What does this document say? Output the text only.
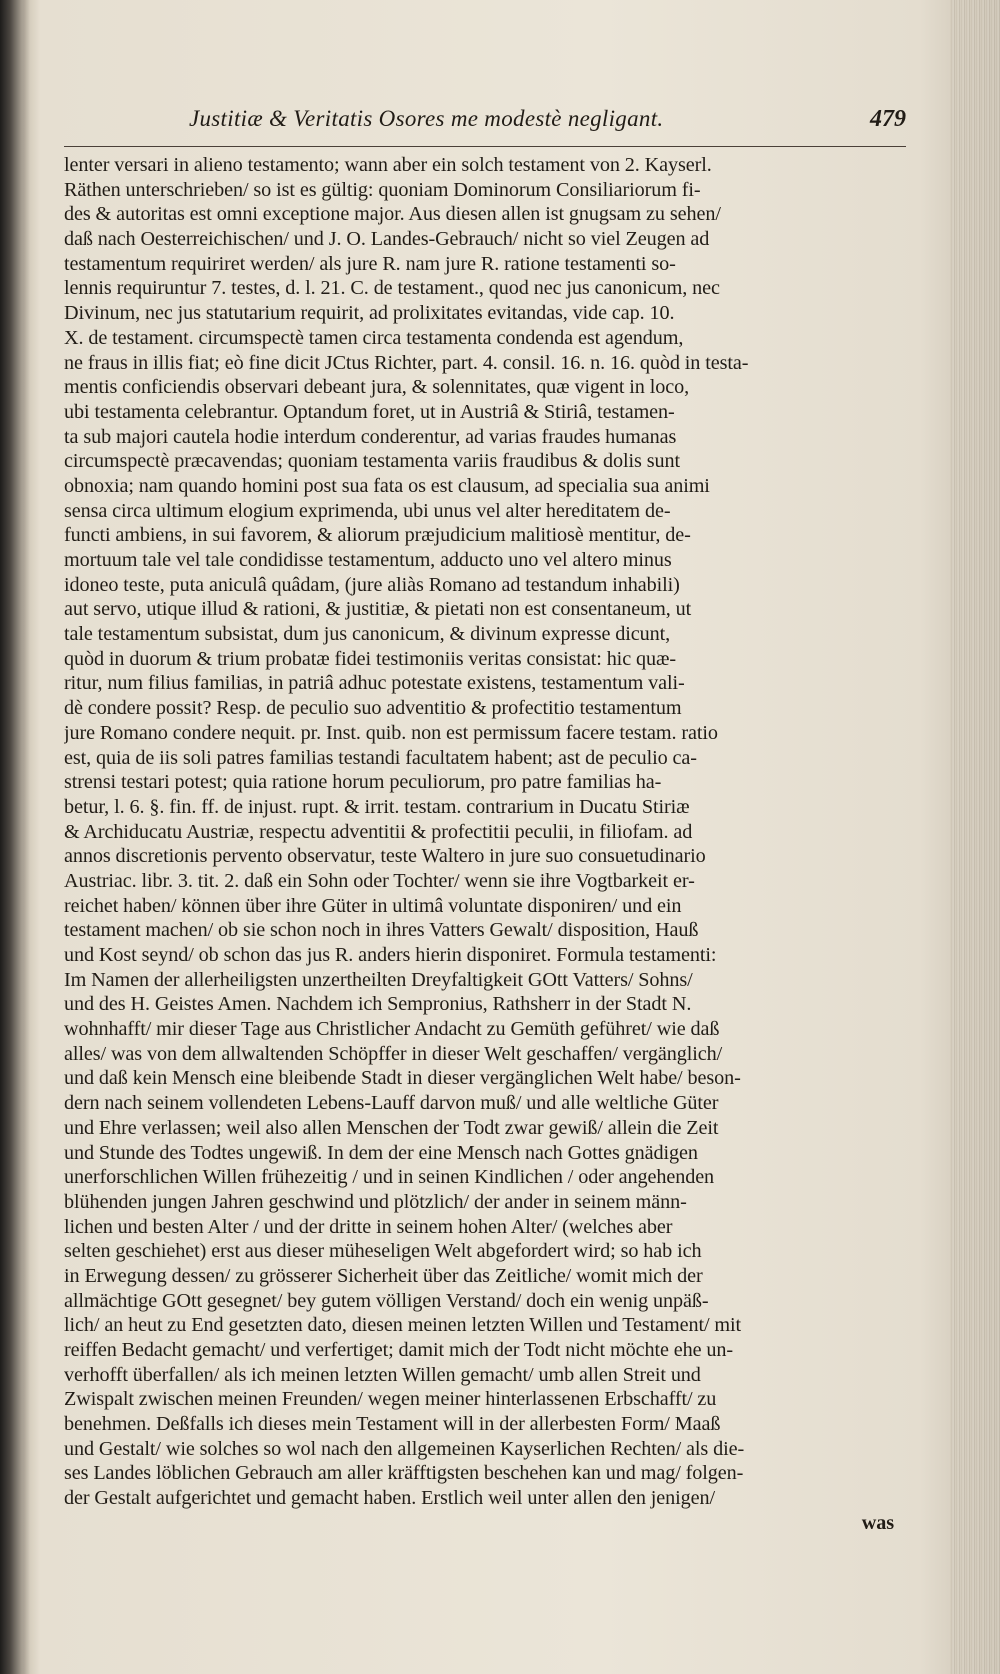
Justitiæ & Veritatis Osores me modestè negligant.	479
lenter versari in alieno testamento; wann aber ein solch testament von 2. Kayserl.
Räthen unterschrieben/ so ist es gültig: quoniam Dominorum Consiliariorum fi-
des & autoritas est omni exceptione major. Aus diesen allen ist gnugsam zu sehen/
daß nach Oesterreichischen/ und J. O. Landes-Gebrauch/ nicht so viel Zeugen ad
testamentum requiriret werden/ als jure R. nam jure R. ratione testamenti so-
lennis requiruntur 7. testes, d. l. 21. C. de testament., quod nec jus canonicum, nec
Divinum, nec jus statutarium requirit, ad prolixitates evitandas, vide cap. 10.
X. de testament. circumspectè tamen circa testamenta condenda est agendum,
ne fraus in illis fiat; eò fine dicit JCtus Richter, part. 4. consil. 16. n. 16. quòd in testa-
mentis conficiendis observari debeant jura, & solennitates, quæ vigent in loco,
ubi testamenta celebrantur. Optandum foret, ut in Austriâ & Stiriâ, testamen-
ta sub majori cautela hodie interdum conderentur, ad varias fraudes humanas
circumspectè præcavendas; quoniam testamenta variis fraudibus & dolis sunt
obnoxia; nam quando homini post sua fata os est clausum, ad specialia sua animi
sensa circa ultimum elogium exprimenda, ubi unus vel alter hereditatem de-
functi ambiens, in sui favorem, & aliorum præjudicium malitiosè mentitur, de-
mortuum tale vel tale condidisse testamentum, adducto uno vel altero minus
idoneo teste, puta aniculâ quâdam, (jure aliàs Romano ad testandum inhabili)
aut servo, utique illud & rationi, & justitiæ, & pietati non est consentaneum, ut
tale testamentum subsistat, dum jus canonicum, & divinum expresse dicunt,
quòd in duorum & trium probatæ fidei testimoniis veritas consistat: hic quæ-
ritur, num filius familias, in patriâ adhuc potestate existens, testamentum vali-
dè condere possit? Resp. de peculio suo adventitio & profectitio testamentum
jure Romano condere nequit. pr. Inst. quib. non est permissum facere testam. ratio
est, quia de iis soli patres familias testandi facultatem habent; ast de peculio ca-
strensi testari potest; quia ratione horum peculiorum, pro patre familias ha-
betur, l. 6. §. fin. ff. de injust. rupt. & irrit. testam. contrarium in Ducatu Stiriæ
& Archiducatu Austriæ, respectu adventitii & profectitii peculii, in filiofam. ad
annos discretionis pervento observatur, teste Waltero in jure suo consuetudinario
Austriac. libr. 3. tit. 2. daß ein Sohn oder Tochter/ wenn sie ihre Vogtbarkeit er-
reichet haben/ können über ihre Güter in ultimâ voluntate disponiren/ und ein
testament machen/ ob sie schon noch in ihres Vatters Gewalt/ disposition, Hauß
und Kost seynd/ ob schon das jus R. anders hierin disponiret. Formula testamenti:
Im Namen der allerheiligsten unzertheilten Dreyfaltigkeit GOtt Vatters/ Sohns/
und des H. Geistes Amen. Nachdem ich Sempronius, Rathsherr in der Stadt N.
wohnhafft/ mir dieser Tage aus Christlicher Andacht zu Gemüth geführet/ wie daß
alles/ was von dem allwaltenden Schöpffer in dieser Welt geschaffen/ vergänglich/
und daß kein Mensch eine bleibende Stadt in dieser vergänglichen Welt habe/ beson-
dern nach seinem vollendeten Lebens-Lauff darvon muß/ und alle weltliche Güter
und Ehre verlassen; weil also allen Menschen der Todt zwar gewiß/ allein die Zeit
und Stunde des Todtes ungewiß. In dem der eine Mensch nach Gottes gnädigen
unerforschlichen Willen frühezeitig / und in seinen Kindlichen / oder angehenden
blühenden jungen Jahren geschwind und plötzlich/ der ander in seinem männ-
lichen und besten Alter / und der dritte in seinem hohen Alter/ (welches aber
selten geschiehet) erst aus dieser müheseligen Welt abgefordert wird; so hab ich
in Erwegung dessen/ zu grösserer Sicherheit über das Zeitliche/ womit mich der
allmächtige GOtt gesegnet/ bey gutem völligen Verstand/ doch ein wenig unpäß-
lich/ an heut zu End gesetzten dato, diesen meinen letzten Willen und Testament/ mit
reiffen Bedacht gemacht/ und verfertiget; damit mich der Todt nicht möchte ehe un-
verhofft überfallen/ als ich meinen letzten Willen gemacht/ umb allen Streit und
Zwispalt zwischen meinen Freunden/ wegen meiner hinterlassenen Erbschafft/ zu
benehmen. Deßfalls ich dieses mein Testament will in der allerbesten Form/ Maaß
und Gestalt/ wie solches so wol nach den allgemeinen Kayserlichen Rechten/ als die-
ses Landes löblichen Gebrauch am aller kräfftigsten beschehen kan und mag/ folgen-
der Gestalt aufgerichtet und gemacht haben. Erstlich weil unter allen den jenigen/
was
